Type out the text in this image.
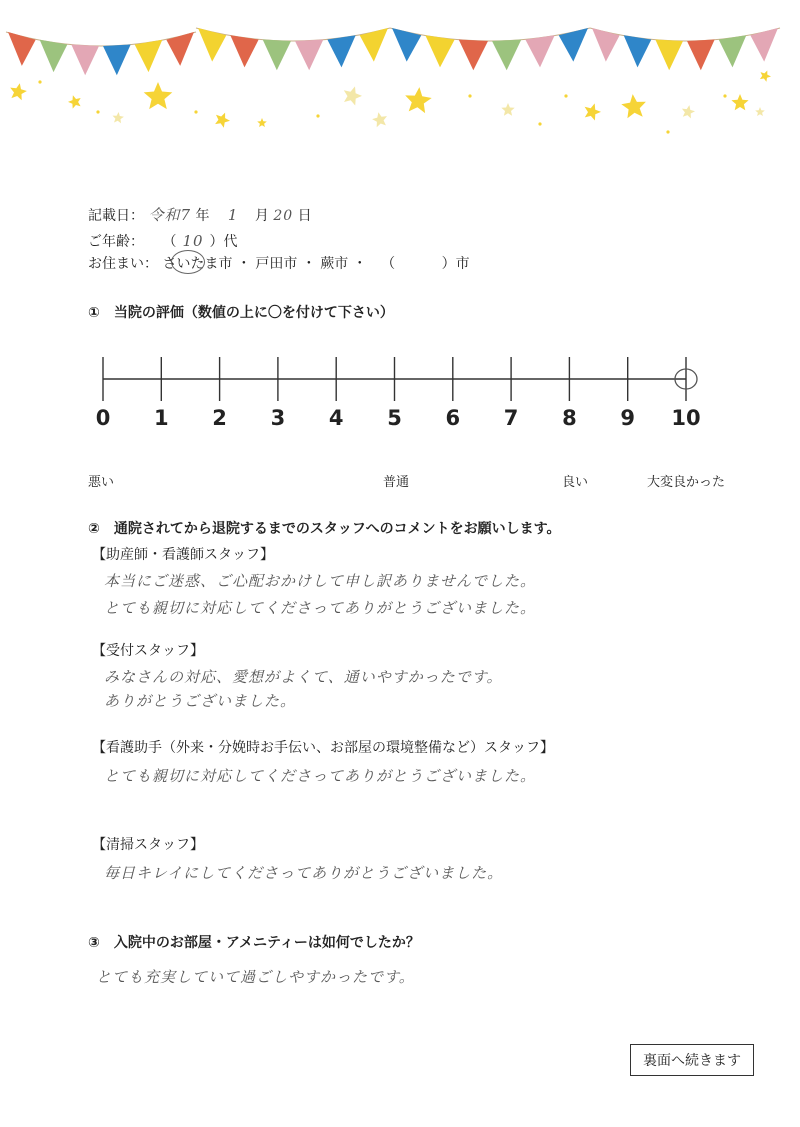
記載日： 令和7 年 1 月 20 日
ご年齢： （ 10 ）代
お住まい： さいたま市 ・ 戸田市 ・ 蕨市 ・ （	）市
①　当院の評価（数値の上に〇を付けて下さい）
0 1 2 3 4 5 6 7 8 9 10
悪い	普通	良い	大変良かった
②　通院されてから退院するまでのスタッフへのコメントをお願いします。
【助産師・看護師スタッフ】
本当にご迷惑、ご心配おかけして申し訳ありませんでした。
とても親切に対応してくださってありがとうございました。
【受付スタッフ】
みなさんの対応、愛想がよくて、通いやすかったです。
ありがとうございました。
【看護助手（外来・分娩時お手伝い、お部屋の環境整備など）スタッフ】
とても親切に対応してくださってありがとうございました。
【清掃スタッフ】
毎日キレイにしてくださってありがとうございました。
③　入院中のお部屋・アメニティーは如何でしたか？
とても充実していて過ごしやすかったです。
裏面へ続きます
